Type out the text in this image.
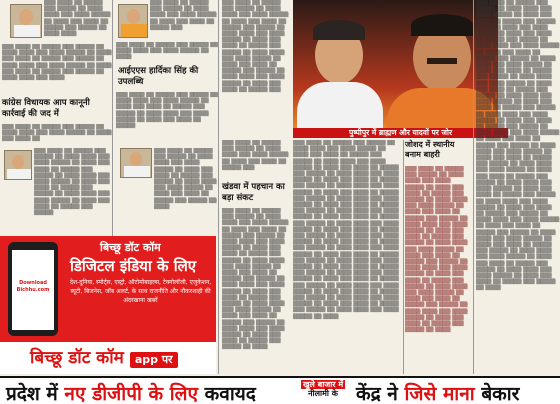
▒▒▒ ▒▒▒▒ ▒▒ ▒▒▒▒▒ ▒▒▒ ▒▒▒▒▒ ▒▒ ▒▒▒▒ ▒▒▒▒ ▒▒▒ ▒▒▒▒ ▒▒▒▒▒ ▒▒ ▒▒▒▒ ▒▒▒ ▒▒▒▒ ▒▒ ▒▒▒▒▒ ▒▒▒ ▒▒▒▒▒ ▒▒ ▒▒▒▒ ▒▒▒▒
▒▒▒ ▒▒▒▒ ▒▒ ▒▒▒▒▒ ▒▒▒ ▒▒▒▒▒ ▒▒ ▒▒▒▒ ▒▒▒▒ ▒▒▒ ▒▒▒▒ ▒▒▒▒▒ ▒▒ ▒▒▒▒ ▒▒▒ ▒▒▒▒ ▒▒ ▒▒▒▒▒ ▒▒▒ ▒▒▒▒▒ ▒▒ ▒▒▒▒ ▒▒▒▒ ▒▒▒ ▒▒▒▒ ▒▒▒▒▒ ▒▒ ▒▒▒▒ ▒▒▒ ▒▒▒▒ ▒▒ ▒▒▒▒▒ ▒▒▒ ▒▒▒▒▒ ▒▒ ▒▒▒▒ ▒▒▒▒ ▒▒▒ ▒▒▒▒
कांग्रेस विधायक आप कानूनी कार्रवाई की जद में
▒▒▒ ▒▒▒▒ ▒▒ ▒▒▒▒▒ ▒▒▒ ▒▒▒▒▒ ▒▒ ▒▒▒▒ ▒▒▒▒ ▒▒▒ ▒▒▒▒ ▒▒▒▒▒ ▒▒ ▒▒▒▒ ▒▒▒ ▒▒▒▒ ▒▒
▒▒▒ ▒▒▒▒ ▒▒ ▒▒▒▒▒ ▒▒▒ ▒▒▒▒▒ ▒▒ ▒▒▒▒ ▒▒▒▒ ▒▒▒ ▒▒▒▒ ▒▒▒▒▒ ▒▒ ▒▒▒▒ ▒▒▒ ▒▒▒▒ ▒▒ ▒▒▒▒▒ ▒▒▒ ▒▒▒▒▒ ▒▒ ▒▒▒▒ ▒▒▒▒ ▒▒▒ ▒▒▒▒ ▒▒▒▒▒ ▒▒ ▒▒▒▒ ▒▒▒ ▒▒▒▒ ▒▒ ▒▒▒▒▒ ▒▒▒ ▒▒▒▒▒ ▒▒ ▒▒▒▒ ▒▒▒▒ ▒▒▒ ▒▒▒▒ ▒▒▒▒▒ ▒▒ ▒▒▒▒ ▒▒▒ ▒▒▒▒ ▒▒ ▒▒▒▒▒ ▒▒▒ ▒▒▒▒▒
▒▒▒ ▒▒▒▒ ▒▒ ▒▒▒▒▒ ▒▒▒ ▒▒▒▒▒ ▒▒ ▒▒▒▒ ▒▒▒▒ ▒▒▒ ▒▒▒▒ ▒▒▒▒▒ ▒▒ ▒▒▒▒ ▒▒▒ ▒▒▒▒ ▒▒ ▒▒▒▒▒ ▒▒▒
▒▒▒ ▒▒▒▒ ▒▒ ▒▒▒▒▒ ▒▒▒ ▒▒▒▒▒ ▒▒ ▒▒▒▒ ▒▒▒▒ ▒▒▒ ▒▒▒▒ ▒▒▒▒▒ ▒▒ ▒▒▒▒
आईएएस हार्दिका सिंह की उपलब्धि
▒▒▒ ▒▒▒▒ ▒▒ ▒▒▒▒▒ ▒▒▒ ▒▒▒▒▒ ▒▒ ▒▒▒▒ ▒▒▒▒ ▒▒▒ ▒▒▒▒ ▒▒▒▒▒ ▒▒ ▒▒▒▒ ▒▒▒ ▒▒▒▒ ▒▒ ▒▒▒▒▒ ▒▒▒ ▒▒▒▒▒ ▒▒ ▒▒▒▒ ▒▒▒▒ ▒▒▒ ▒▒▒▒ ▒▒▒▒▒ ▒▒ ▒▒▒▒ ▒▒▒ ▒▒▒▒ ▒▒ ▒▒▒▒▒
▒▒▒ ▒▒▒▒ ▒▒ ▒▒▒▒▒ ▒▒▒ ▒▒▒▒▒ ▒▒ ▒▒▒▒ ▒▒▒▒ ▒▒▒ ▒▒▒▒ ▒▒▒▒▒ ▒▒ ▒▒▒▒ ▒▒▒ ▒▒▒▒ ▒▒ ▒▒▒▒▒ ▒▒▒ ▒▒▒▒▒ ▒▒ ▒▒▒▒ ▒▒▒▒ ▒▒▒ ▒▒▒▒ ▒▒▒▒▒ ▒▒ ▒▒▒▒ ▒▒▒ ▒▒▒▒ ▒▒ ▒▒▒▒▒ ▒▒▒ ▒▒▒▒▒ ▒▒ ▒▒▒▒
Download Bichhu.com
बिच्छू डॉट कॉम
डिजिटल इंडिया के लिए
देश-दुनिया, स्पोर्ट्स, एस्ट्रो, ऑटोमोबाइल्स, टेक्नोलॉजी, एजुकेशन, ब्यूटी, बिजनेस, जॉब अलर्ट, के साथ राजनीति और नौकरशाही की अंदरखाना खबरें
बिच्छू डॉट कॉम app पर
▒▒▒ ▒▒▒▒ ▒▒ ▒▒▒▒▒ ▒▒▒ ▒▒▒▒▒ ▒▒ ▒▒▒▒ ▒▒▒▒ ▒▒▒ ▒▒▒▒ ▒▒▒▒▒ ▒▒ ▒▒▒▒ ▒▒▒ ▒▒▒▒ ▒▒ ▒▒▒▒▒ ▒▒▒ ▒▒▒▒▒ ▒▒ ▒▒▒▒ ▒▒▒▒ ▒▒▒ ▒▒▒▒ ▒▒▒▒▒ ▒▒ ▒▒▒▒ ▒▒▒ ▒▒▒▒ ▒▒ ▒▒▒▒▒ ▒▒▒ ▒▒▒▒▒ ▒▒ ▒▒▒▒ ▒▒▒▒ ▒▒▒ ▒▒▒▒ ▒▒▒▒▒ ▒▒ ▒▒▒▒ ▒▒▒ ▒▒▒▒ ▒▒ ▒▒▒▒▒ ▒▒▒ ▒▒▒▒▒ ▒▒ ▒▒▒▒ ▒▒▒▒ ▒▒▒ ▒▒▒▒ ▒▒▒▒▒ ▒▒ ▒▒▒▒ ▒▒▒ ▒▒▒▒ ▒▒ ▒▒▒▒▒ ▒▒▒
▒▒▒ ▒▒▒▒ ▒▒ ▒▒▒▒▒ ▒▒▒ ▒▒▒▒▒ ▒▒ ▒▒▒▒ ▒▒▒▒ ▒▒▒ ▒▒▒▒ ▒▒▒▒▒ ▒▒ ▒▒▒▒ ▒▒▒ ▒▒▒▒ ▒▒ ▒▒▒▒▒ ▒▒▒
खंडवा में पहचान का बड़ा संकट
▒▒▒ ▒▒▒▒ ▒▒ ▒▒▒▒▒ ▒▒▒ ▒▒▒▒▒ ▒▒ ▒▒▒▒ ▒▒▒▒ ▒▒▒ ▒▒▒▒ ▒▒▒▒▒ ▒▒ ▒▒▒▒ ▒▒▒ ▒▒▒▒ ▒▒ ▒▒▒▒▒ ▒▒▒ ▒▒▒▒▒ ▒▒ ▒▒▒▒ ▒▒▒▒ ▒▒▒ ▒▒▒▒ ▒▒▒▒▒ ▒▒ ▒▒▒▒ ▒▒▒ ▒▒▒▒ ▒▒ ▒▒▒▒▒ ▒▒▒ ▒▒▒▒▒ ▒▒ ▒▒▒▒ ▒▒▒▒ ▒▒▒ ▒▒▒▒ ▒▒▒▒▒ ▒▒ ▒▒▒▒ ▒▒▒ ▒▒▒▒ ▒▒ ▒▒▒▒▒ ▒▒▒ ▒▒▒▒▒ ▒▒ ▒▒▒▒ ▒▒▒▒ ▒▒▒ ▒▒▒▒ ▒▒▒▒▒ ▒▒ ▒▒▒▒ ▒▒▒ ▒▒▒▒ ▒▒ ▒▒▒▒▒ ▒▒▒ ▒▒▒▒▒ ▒▒ ▒▒▒▒ ▒▒▒▒ ▒▒▒ ▒▒▒▒ ▒▒▒▒▒ ▒▒ ▒▒▒▒ ▒▒▒ ▒▒▒▒ ▒▒ ▒▒▒▒▒ ▒▒▒ ▒▒▒▒▒ ▒▒ ▒▒▒▒ ▒▒▒▒ ▒▒▒ ▒▒▒▒ ▒▒▒▒▒ ▒▒ ▒▒▒▒ ▒▒▒ ▒▒▒▒ ▒▒ ▒▒▒▒▒ ▒▒▒ ▒▒▒▒▒ ▒▒ ▒▒▒▒
पुष्पीपुर में ब्राह्मण और यादवों पर जोर
▒▒▒ ▒▒▒▒ ▒▒ ▒▒▒▒▒ ▒▒▒ ▒▒▒▒▒ ▒▒ ▒▒▒▒ ▒▒▒▒ ▒▒▒ ▒▒▒▒ ▒▒▒▒▒ ▒▒ ▒▒▒▒ ▒▒▒ ▒▒▒▒ ▒▒ ▒▒▒▒▒ ▒▒▒ ▒▒▒▒▒ ▒▒ ▒▒▒▒ ▒▒▒▒ ▒▒▒ ▒▒▒▒ ▒▒▒▒▒ ▒▒ ▒▒▒▒ ▒▒▒ ▒▒▒▒ ▒▒ ▒▒▒▒▒ ▒▒▒ ▒▒▒▒▒ ▒▒ ▒▒▒▒ ▒▒▒▒ ▒▒▒ ▒▒▒▒ ▒▒▒▒▒ ▒▒ ▒▒▒▒ ▒▒▒ ▒▒▒▒ ▒▒ ▒▒▒▒▒ ▒▒▒ ▒▒▒▒▒ ▒▒ ▒▒▒▒ ▒▒▒▒ ▒▒▒ ▒▒▒▒ ▒▒▒▒▒ ▒▒ ▒▒▒▒ ▒▒▒ ▒▒▒▒ ▒▒ ▒▒▒▒▒ ▒▒▒ ▒▒▒▒▒ ▒▒ ▒▒▒▒ ▒▒▒▒ ▒▒▒ ▒▒▒▒ ▒▒▒▒▒ ▒▒ ▒▒▒▒ ▒▒▒ ▒▒▒▒ ▒▒ ▒▒▒▒▒ ▒▒▒ ▒▒▒▒▒ ▒▒ ▒▒▒▒ ▒▒▒▒ ▒▒▒ ▒▒▒▒ ▒▒▒▒▒ ▒▒ ▒▒▒▒ ▒▒▒ ▒▒▒▒ ▒▒ ▒▒▒▒▒ ▒▒▒ ▒▒▒▒▒ ▒▒ ▒▒▒▒ ▒▒▒▒ ▒▒▒ ▒▒▒▒ ▒▒▒▒▒ ▒▒ ▒▒▒▒ ▒▒▒ ▒▒▒▒ ▒▒ ▒▒▒▒▒ ▒▒▒ ▒▒▒▒▒ ▒▒ ▒▒▒▒ ▒▒▒▒ ▒▒▒ ▒▒▒▒ ▒▒▒▒▒ ▒▒ ▒▒▒▒ ▒▒▒ ▒▒▒▒ ▒▒ ▒▒▒▒▒ ▒▒▒ ▒▒▒▒▒ ▒▒ ▒▒▒▒ ▒▒▒▒ ▒▒▒ ▒▒▒▒ ▒▒▒▒▒ ▒▒ ▒▒▒▒ ▒▒▒ ▒▒▒▒ ▒▒ ▒▒▒▒▒ ▒▒▒ ▒▒▒▒▒ ▒▒ ▒▒▒▒ ▒▒▒▒ ▒▒▒ ▒▒▒▒ ▒▒▒▒▒ ▒▒ ▒▒▒▒ ▒▒▒ ▒▒▒▒ ▒▒ ▒▒▒▒▒ ▒▒▒ ▒▒▒▒▒ ▒▒ ▒▒▒▒ ▒▒▒▒ ▒▒▒ ▒▒▒▒ ▒▒▒▒▒ ▒▒ ▒▒▒▒ ▒▒▒ ▒▒▒▒ ▒▒ ▒▒▒▒▒ ▒▒▒ ▒▒▒▒▒ ▒▒ ▒▒▒▒ ▒▒▒▒ ▒▒▒ ▒▒▒▒ ▒▒▒▒▒ ▒▒ ▒▒▒▒ ▒▒▒ ▒▒▒▒ ▒▒ ▒▒▒▒▒ ▒▒▒ ▒▒▒▒▒ ▒▒ ▒▒▒▒ ▒▒▒▒ ▒▒▒ ▒▒▒▒ ▒▒▒▒▒ ▒▒ ▒▒▒▒ ▒▒▒ ▒▒▒▒ ▒▒ ▒▒▒▒▒ ▒▒▒ ▒▒▒▒▒ ▒▒ ▒▒▒▒ ▒▒▒▒ ▒▒▒ ▒▒▒▒ ▒▒▒▒▒ ▒▒ ▒▒▒▒
जोशद में स्थानीय बनाम बाहरी
▒▒▒ ▒▒▒▒ ▒▒ ▒▒▒▒▒ ▒▒▒ ▒▒▒▒▒ ▒▒ ▒▒▒▒ ▒▒▒▒ ▒▒▒ ▒▒▒▒ ▒▒▒▒▒ ▒▒ ▒▒▒▒ ▒▒▒ ▒▒▒▒ ▒▒ ▒▒▒▒▒ ▒▒▒ ▒▒▒▒▒ ▒▒ ▒▒▒▒ ▒▒▒▒ ▒▒▒ ▒▒▒▒ ▒▒▒▒▒ ▒▒ ▒▒▒▒ ▒▒▒ ▒▒▒▒ ▒▒ ▒▒▒▒▒ ▒▒▒ ▒▒▒▒▒ ▒▒ ▒▒▒▒ ▒▒▒▒ ▒▒▒ ▒▒▒▒ ▒▒▒▒▒ ▒▒ ▒▒▒▒ ▒▒▒ ▒▒▒▒ ▒▒ ▒▒▒▒▒ ▒▒▒ ▒▒▒▒▒ ▒▒ ▒▒▒▒ ▒▒▒▒ ▒▒▒ ▒▒▒▒ ▒▒▒▒▒ ▒▒ ▒▒▒▒ ▒▒▒ ▒▒▒▒ ▒▒ ▒▒▒▒▒ ▒▒▒ ▒▒▒▒▒ ▒▒ ▒▒▒▒ ▒▒▒▒ ▒▒▒ ▒▒▒▒ ▒▒▒▒▒ ▒▒ ▒▒▒▒ ▒▒▒ ▒▒▒▒ ▒▒ ▒▒▒▒▒ ▒▒▒ ▒▒▒▒▒ ▒▒ ▒▒▒▒ ▒▒▒▒ ▒▒▒ ▒▒▒▒ ▒▒▒▒▒ ▒▒ ▒▒▒▒ ▒▒▒ ▒▒▒▒ ▒▒ ▒▒▒▒▒ ▒▒▒ ▒▒▒▒▒ ▒▒ ▒▒▒▒ ▒▒▒▒ ▒▒▒ ▒▒▒▒ ▒▒▒▒▒ ▒▒ ▒▒▒▒ ▒▒▒ ▒▒▒▒ ▒▒ ▒▒▒▒▒ ▒▒▒ ▒▒▒▒▒ ▒▒ ▒▒▒▒
▒▒▒ ▒▒▒▒ ▒▒ ▒▒▒▒▒ ▒▒▒ ▒▒▒▒▒ ▒▒ ▒▒▒▒ ▒▒▒▒ ▒▒▒ ▒▒▒▒ ▒▒▒▒▒ ▒▒ ▒▒▒▒ ▒▒▒ ▒▒▒▒ ▒▒ ▒▒▒▒▒ ▒▒▒ ▒▒▒▒▒ ▒▒ ▒▒▒▒ ▒▒▒▒ ▒▒▒ ▒▒▒▒ ▒▒▒▒▒ ▒▒ ▒▒▒▒ ▒▒▒ ▒▒▒▒ ▒▒ ▒▒▒▒▒ ▒▒▒ ▒▒▒▒▒ ▒▒ ▒▒▒▒ ▒▒▒▒ ▒▒▒ ▒▒▒▒ ▒▒▒▒▒ ▒▒ ▒▒▒▒ ▒▒▒ ▒▒▒▒ ▒▒ ▒▒▒▒▒ ▒▒▒ ▒▒▒▒▒ ▒▒ ▒▒▒▒ ▒▒▒▒ ▒▒▒ ▒▒▒▒ ▒▒▒▒▒ ▒▒ ▒▒▒▒ ▒▒▒ ▒▒▒▒ ▒▒ ▒▒▒▒▒ ▒▒▒ ▒▒▒▒▒ ▒▒ ▒▒▒▒ ▒▒▒▒ ▒▒▒ ▒▒▒▒ ▒▒▒▒▒ ▒▒ ▒▒▒▒ ▒▒▒ ▒▒▒▒ ▒▒ ▒▒▒▒▒ ▒▒▒ ▒▒▒▒▒ ▒▒ ▒▒▒▒ ▒▒▒▒ ▒▒▒ ▒▒▒▒ ▒▒▒▒▒ ▒▒ ▒▒▒▒ ▒▒▒ ▒▒▒▒ ▒▒ ▒▒▒▒▒ ▒▒▒ ▒▒▒▒▒ ▒▒ ▒▒▒▒ ▒▒▒▒ ▒▒▒ ▒▒▒▒ ▒▒▒▒▒ ▒▒ ▒▒▒▒ ▒▒▒ ▒▒▒▒ ▒▒ ▒▒▒▒▒ ▒▒▒ ▒▒▒▒▒ ▒▒ ▒▒▒▒ ▒▒▒▒ ▒▒▒ ▒▒▒▒ ▒▒▒▒▒ ▒▒ ▒▒▒▒ ▒▒▒ ▒▒▒▒ ▒▒ ▒▒▒▒▒ ▒▒▒ ▒▒▒▒▒ ▒▒ ▒▒▒▒ ▒▒▒▒ ▒▒▒ ▒▒▒▒ ▒▒▒▒▒ ▒▒ ▒▒▒▒ ▒▒▒ ▒▒▒▒ ▒▒ ▒▒▒▒▒ ▒▒▒ ▒▒▒▒▒ ▒▒ ▒▒▒▒ ▒▒▒▒ ▒▒▒ ▒▒▒▒ ▒▒▒▒▒ ▒▒ ▒▒▒▒ ▒▒▒ ▒▒▒▒ ▒▒ ▒▒▒▒▒ ▒▒▒ ▒▒▒▒▒ ▒▒ ▒▒▒▒ ▒▒▒▒ ▒▒▒ ▒▒▒▒ ▒▒▒▒▒ ▒▒ ▒▒▒▒ ▒▒▒ ▒▒▒▒ ▒▒ ▒▒▒▒▒ ▒▒▒ ▒▒▒▒▒ ▒▒ ▒▒▒▒ ▒▒▒▒ ▒▒▒ ▒▒▒▒ ▒▒▒▒▒ ▒▒ ▒▒▒▒ ▒▒▒ ▒▒▒▒ ▒▒ ▒▒▒▒▒ ▒▒▒ ▒▒▒▒▒ ▒▒ ▒▒▒▒ ▒▒▒▒ ▒▒▒ ▒▒▒▒ ▒▒▒▒▒ ▒▒ ▒▒▒▒ ▒▒▒ ▒▒▒▒ ▒▒ ▒▒▒▒▒ ▒▒▒ ▒▒▒▒▒ ▒▒ ▒▒▒▒ ▒▒▒▒ ▒▒▒ ▒▒▒▒ ▒▒▒▒▒ ▒▒ ▒▒▒▒ ▒▒▒ ▒▒▒▒ ▒▒ ▒▒▒▒▒ ▒▒▒ ▒▒▒▒▒ ▒▒ ▒▒▒▒ ▒▒▒▒ ▒▒▒ ▒▒▒▒ ▒▒▒▒▒ ▒▒ ▒▒▒▒ ▒▒▒ ▒▒▒▒ ▒▒ ▒▒▒▒▒ ▒▒▒ ▒▒▒▒▒ ▒▒ ▒▒▒▒ ▒▒▒▒ ▒▒▒ ▒▒▒▒ ▒▒▒▒▒ ▒▒ ▒▒▒▒ ▒▒▒ ▒▒▒▒ ▒▒ ▒▒▒▒▒ ▒▒▒ ▒▒▒▒▒ ▒▒ ▒▒▒▒
प्रदेश में नए डीजीपी के लिए कवायद	खुले बाजार में
नीलामी के केंद्र ने जिसे माना बेकार
